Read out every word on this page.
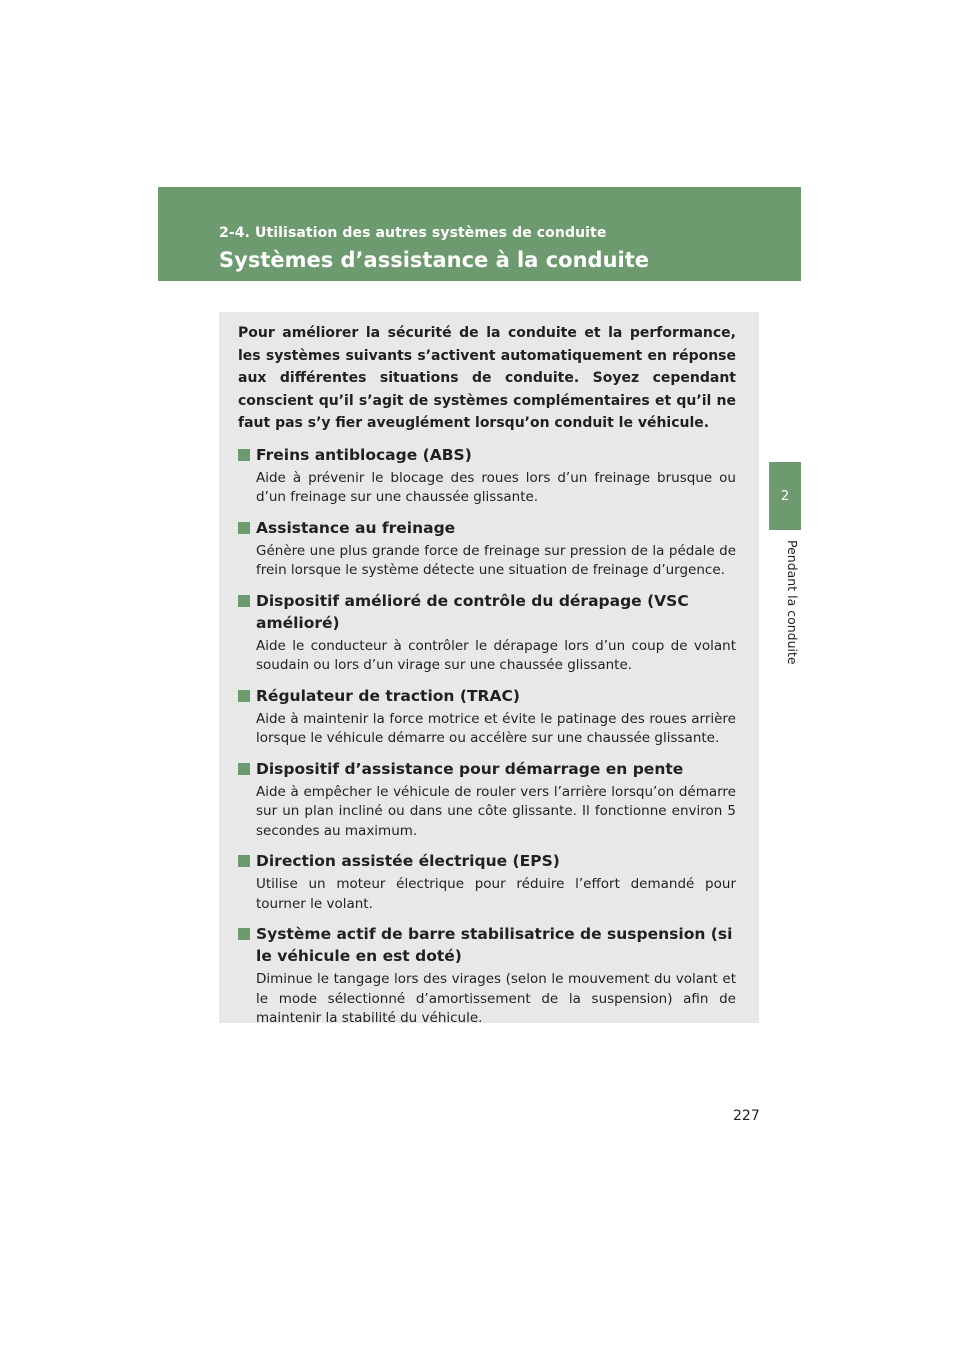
2-4. Utilisation des autres systèmes de conduite
Systèmes d’assistance à la conduite
2
Pendant la conduite

Pour améliorer la sécurité de la conduite et la performance, les systèmes suivants s’activent automatiquement en réponse aux différentes situations de conduite. Soyez cependant conscient qu’il s’agit de systèmes complémentaires et qu’il ne faut pas s’y fier aveuglément lorsqu’on conduit le véhicule.

Freins antiblocage (ABS)
Aide à prévenir le blocage des roues lors d’un freinage brusque ou d’un freinage sur une chaussée glissante.
Assistance au freinage
Génère une plus grande force de freinage sur pression de la pédale de frein lorsque le système détecte une situation de freinage d’urgence.
Dispositif amélioré de contrôle du dérapage (VSC amélioré)
Aide le conducteur à contrôler le dérapage lors d’un coup de volant soudain ou lors d’un virage sur une chaussée glissante.
Régulateur de traction (TRAC)
Aide à maintenir la force motrice et évite le patinage des roues arrière lorsque le véhicule démarre ou accélère sur une chaussée glissante.
Dispositif d’assistance pour démarrage en pente
Aide à empêcher le véhicule de rouler vers l’arrière lorsqu’on démarre sur un plan incliné ou dans une côte glissante. Il fonctionne environ 5 secondes au maximum.
Direction assistée électrique (EPS)
Utilise un moteur électrique pour réduire l’effort demandé pour tourner le volant.
Système actif de barre stabilisatrice de suspension (si le véhicule en est doté)
Diminue le tangage lors des virages (selon le mouvement du volant et le mode sélectionné d’amortissement de la suspension) afin de maintenir la stabilité du véhicule.
227
